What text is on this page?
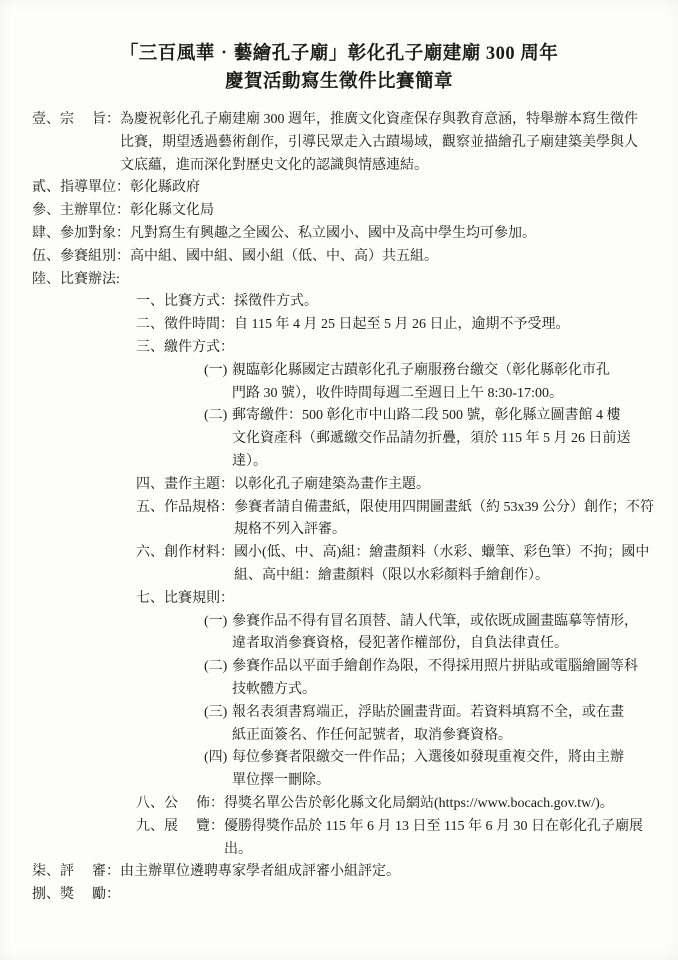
「三百風華‧藝繪孔子廟」彰化孔子廟建廟 300 周年
慶賀活動寫生徵件比賽簡章
壹、 宗旨 ： 為慶祝彰化孔子廟建廟 300 週年，推廣文化資產保存與教育意涵，特舉辦本寫生徵件
比賽，期望透過藝術創作，引導民眾走入古蹟場域，觀察並描繪孔子廟建築美學與人
文底蘊，進而深化對歷史文化的認識與情感連結。
貳、 指導單位 ： 彰化縣政府
參、 主辦單位 ： 彰化縣文化局
肆、 參加對象 ： 凡對寫生有興趣之全國公、私立國小、國中及高中學生均可參加。
伍、 參賽組別 ： 高中組、國中組、國小組（低、中、高）共五組。
陸、 比賽辦法 :
一、 比賽方式 ： 採徵件方式。
二、 徵件時間 ： 自 115 年 4 月 25 日起至 5 月 26 日止，逾期不予受理。
三、 繳件方式 ：
(一) 親臨彰化縣國定古蹟彰化孔子廟服務台繳交（彰化縣彰化市孔
門路 30 號），收件時間每週二至週日上午 8:30-17:00。
(二) 郵寄繳件：500 彰化市中山路二段 500 號，彰化縣立圖書館 4 樓
文化資產科（郵遞繳交作品請勿折疊，須於 115 年 5 月 26 日前送
達）。
四、 畫作主題 ： 以彰化孔子廟建築為畫作主題。
五、 作品規格 ： 參賽者請自備畫紙，限使用四開圖畫紙（約 53x39 公分）創作；不符
規格不列入評審。
六、 創作材料 ： 國小(低、中、高)組：繪畫顏料（水彩、蠟筆、彩色筆）不拘；國中
組、高中組：繪畫顏料（限以水彩顏料手繪創作）。
七、 比賽規則 ：
(一) 參賽作品不得有冒名頂替、請人代筆，或依既成圖畫臨摹等情形，
違者取消參賽資格，侵犯著作權部份，自負法律責任。
(二) 參賽作品以平面手繪創作為限，不得採用照片拼貼或電腦繪圖等科
技軟體方式。
(三) 報名表須書寫端正，浮貼於圖畫背面。若資料填寫不全，或在畫
紙正面簽名、作任何記號者，取消參賽資格。
(四) 每位參賽者限繳交一件作品；入選後如發現重複交件，將由主辦
單位擇一刪除。
八、 公佈 ： 得獎名單公告於彰化縣文化局網站(https://www.bocach.gov.tw/)。
九、 展覽 ： 優勝得獎作品於 115 年 6 月 13 日至 115 年 6 月 30 日在彰化孔子廟展
出。
柒、 評審 ： 由主辦單位遴聘專家學者組成評審小組評定。
捌、 獎勵 ：
